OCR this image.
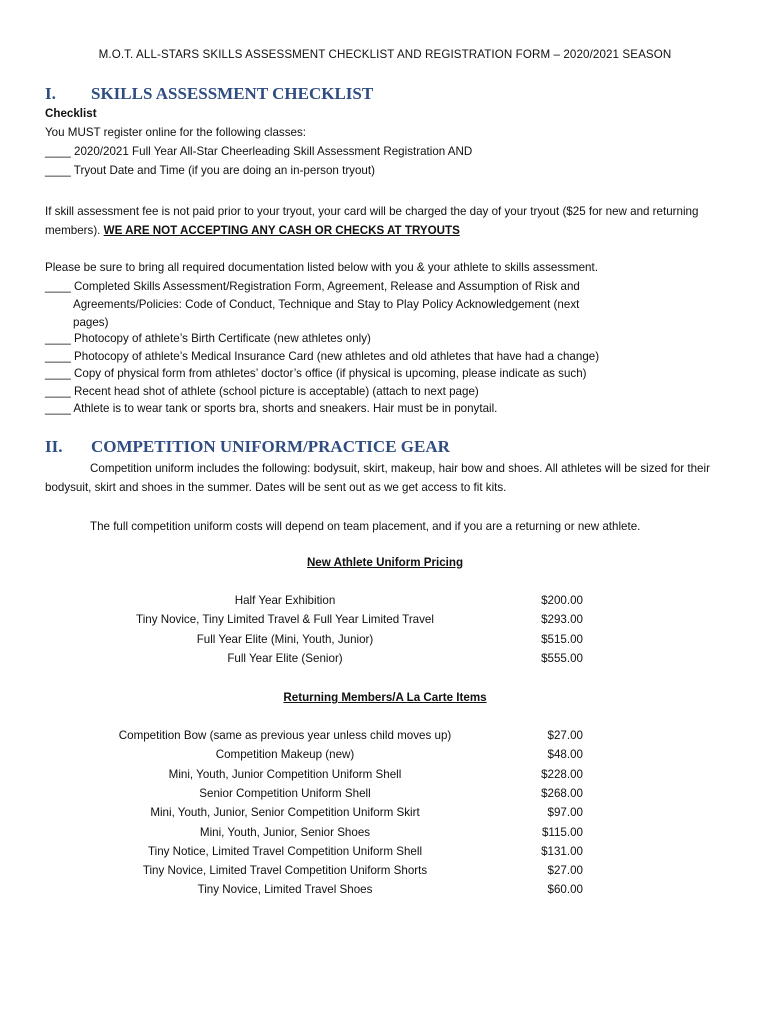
M.O.T. ALL-STARS SKILLS ASSESSMENT CHECKLIST AND REGISTRATION FORM – 2020/2021 SEASON
I. SKILLS ASSESSMENT CHECKLIST
Checklist
You MUST register online for the following classes:
____ 2020/2021 Full Year All-Star Cheerleading Skill Assessment Registration AND
____ Tryout Date and Time (if you are doing an in-person tryout)
If skill assessment fee is not paid prior to your tryout, your card will be charged the day of your tryout ($25 for new and returning members). WE ARE NOT ACCEPTING ANY CASH OR CHECKS AT TRYOUTS
Please be sure to bring all required documentation listed below with you & your athlete to skills assessment.
____ Completed Skills Assessment/Registration Form, Agreement, Release and Assumption of Risk and
Agreements/Policies: Code of Conduct, Technique and Stay to Play Policy Acknowledgement (next
pages)
____ Photocopy of athlete’s Birth Certificate (new athletes only)
____ Photocopy of athlete’s Medical Insurance Card (new athletes and old athletes that have had a change)
____ Copy of physical form from athletes’ doctor’s office (if physical is upcoming, please indicate as such)
____ Recent head shot of athlete (school picture is acceptable) (attach to next page)
____ Athlete is to wear tank or sports bra, shorts and sneakers. Hair must be in ponytail.
II. COMPETITION UNIFORM/PRACTICE GEAR
Competition uniform includes the following: bodysuit, skirt, makeup, hair bow and shoes. All athletes will be sized for their bodysuit, skirt and shoes in the summer. Dates will be sent out as we get access to fit kits.
The full competition uniform costs will depend on team placement, and if you are a returning or new athlete.
New Athlete Uniform Pricing
Half Year Exhibition	$200.00
Tiny Novice, Tiny Limited Travel & Full Year Limited Travel	$293.00
Full Year Elite (Mini, Youth, Junior)	$515.00
Full Year Elite (Senior)	$555.00
Returning Members/A La Carte Items
Competition Bow (same as previous year unless child moves up)	$27.00
Competition Makeup (new)	$48.00
Mini, Youth, Junior Competition Uniform Shell	$228.00
Senior Competition Uniform Shell	$268.00
Mini, Youth, Junior, Senior Competition Uniform Skirt	$97.00
Mini, Youth, Junior, Senior Shoes	$115.00
Tiny Notice, Limited Travel Competition Uniform Shell	$131.00
Tiny Novice, Limited Travel Competition Uniform Shorts	$27.00
Tiny Novice, Limited Travel Shoes	$60.00
